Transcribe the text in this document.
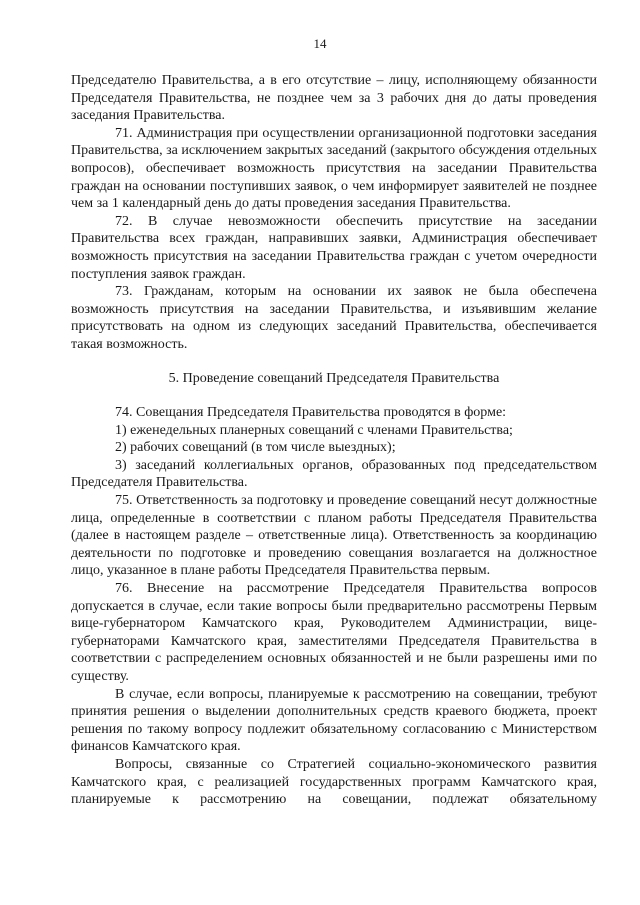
14

Председателю Правительства, а в его отсутствие – лицу, исполняющему обязанности Председателя Правительства, не позднее чем за 3 рабочих дня до даты проведения заседания Правительства.

71. Администрация при осуществлении организационной подготовки заседания Правительства, за исключением закрытых заседаний (закрытого обсуждения отдельных вопросов), обеспечивает возможность присутствия на заседании Правительства граждан на основании поступивших заявок, о чем информирует заявителей не позднее чем за 1 календарный день до даты проведения заседания Правительства.

72. В случае невозможности обеспечить присутствие на заседании Правительства всех граждан, направивших заявки, Администрация обеспечивает возможность присутствия на заседании Правительства граждан с учетом очередности поступления заявок граждан.

73. Гражданам, которым на основании их заявок не была обеспечена возможность присутствия на заседании Правительства, и изъявившим желание присутствовать на одном из следующих заседаний Правительства, обеспечивается такая возможность.

5. Проведение совещаний Председателя Правительства

74. Совещания Председателя Правительства проводятся в форме:

1) еженедельных планерных совещаний с членами Правительства;

2) рабочих совещаний (в том числе выездных);

3) заседаний коллегиальных органов, образованных под председательством Председателя Правительства.

75. Ответственность за подготовку и проведение совещаний несут должностные лица, определенные в соответствии с планом работы Председателя Правительства (далее в настоящем разделе – ответственные лица). Ответственность за координацию деятельности по подготовке и проведению совещания возлагается на должностное лицо, указанное в плане работы Председателя Правительства первым.

76. Внесение на рассмотрение Председателя Правительства вопросов допускается в случае, если такие вопросы были предварительно рассмотрены Первым вице-губернатором Камчатского края, Руководителем Администрации, вице-губернаторами Камчатского края, заместителями Председателя Правительства в соответствии с распределением основных обязанностей и не были разрешены ими по существу.

В случае, если вопросы, планируемые к рассмотрению на совещании, требуют принятия решения о выделении дополнительных средств краевого бюджета, проект решения по такому вопросу подлежит обязательному согласованию с Министерством финансов Камчатского края.

Вопросы, связанные со Стратегией социально-экономического развития Камчатского края, с реализацией государственных программ Камчатского края, планируемые к рассмотрению на совещании, подлежат обязательному
